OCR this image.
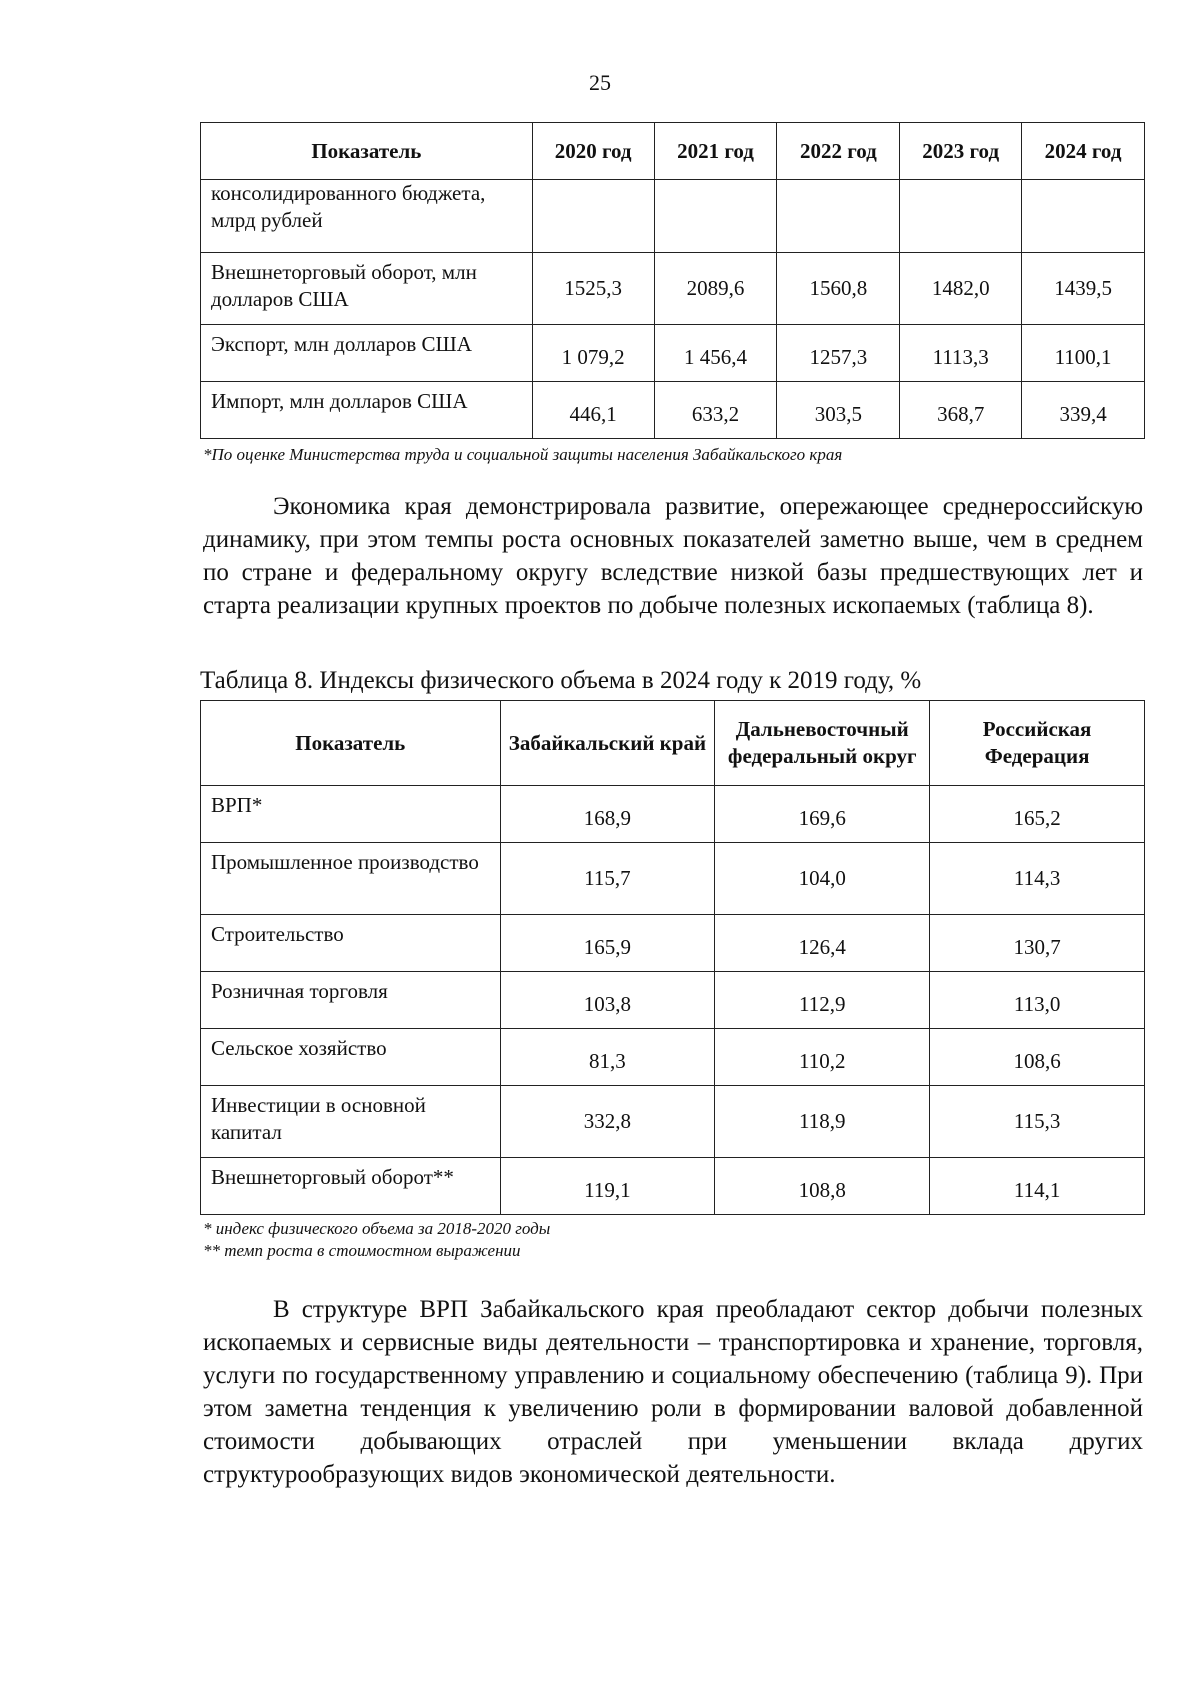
25
Показатель	2020 год	2021 год	2022 год	2023 год	2024 год
консолидированного бюджета, млрд рублей					
Внешнеторговый оборот, млн долларов США	1525,3	2089,6	1560,8	1482,0	1439,5
Экспорт, млн долларов США	1 079,2	1 456,4	1257,3	1113,3	1100,1
Импорт, млн долларов США	446,1	633,2	303,5	368,7	339,4
*По оценке Министерства труда и социальной защиты населения Забайкальского края

Экономика края демонстрировала развитие, опережающее среднероссийскую динамику, при этом темпы роста основных показателей заметно выше, чем в среднем по стране и федеральному округу вследствие низкой базы предшествующих лет и старта реализации крупных проектов по добыче полезных ископаемых (таблица 8).

Таблица 8. Индексы физического объема в 2024 году к 2019 году, %

Показатель	Забайкальский край	Дальневосточный федеральный округ	Российская Федерация
ВРП*	168,9	169,6	165,2
Промышленное производство	115,7	104,0	114,3
Строительство	165,9	126,4	130,7
Розничная торговля	103,8	112,9	113,0
Сельское хозяйство	81,3	110,2	108,6
Инвестиции в основной капитал	332,8	118,9	115,3
Внешнеторговый оборот**	119,1	108,8	114,1
* индекс физического объема за 2018-2020 годы
** темп роста в стоимостном выражении

В структуре ВРП Забайкальского края преобладают сектор добычи полезных ископаемых и сервисные виды деятельности – транспортировка и хранение, торговля, услуги по государственному управлению и социальному обеспечению (таблица 9). При этом заметна тенденция к увеличению роли в формировании валовой добавленной стоимости добывающих отраслей при уменьшении вклада других структурообразующих видов экономической деятельности.
